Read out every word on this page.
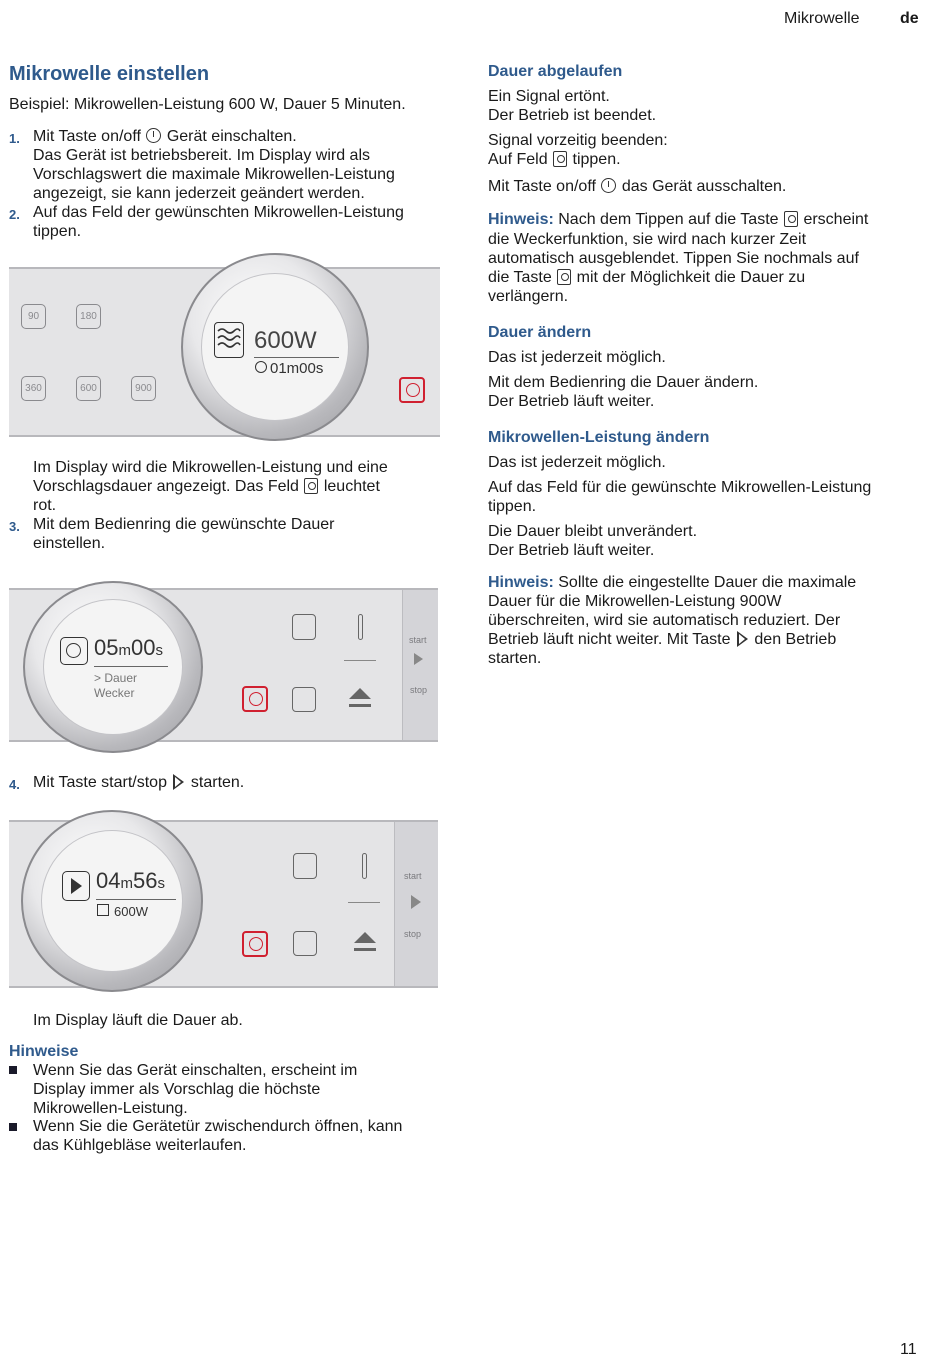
Mikrowelle	de
Mikrowelle einstellen
Beispiel: Mikrowellen-Leistung 600 W, Dauer 5 Minuten.
1. Mit Taste on/off Gerät einschalten.
Das Gerät ist betriebsbereit. Im Display wird als
Vorschlagswert die maximale Mikrowellen-Leistung
angezeigt, sie kann jederzeit geändert werden.
2. Auf das Feld der gewünschten Mikrowellen-Leistung
tippen.
90	180
360	600	900
600W
01m00s
Im Display wird die Mikrowellen-Leistung und eine
Vorschlagsdauer angezeigt. Das Feld leuchtet
rot.
3. Mit dem Bedienring die gewünschte Dauer
einstellen.
05m00s
> Dauer
Wecker
start
stop
4. Mit Taste start/stop starten.
04m56s
600W
start
stop
Im Display läuft die Dauer ab.
Hinweise
Wenn Sie das Gerät einschalten, erscheint im
Display immer als Vorschlag die höchste
Mikrowellen-Leistung.
Wenn Sie die Gerätetür zwischendurch öffnen, kann
das Kühlgebläse weiterlaufen.
Dauer abgelaufen
Ein Signal ertönt.
Der Betrieb ist beendet.
Signal vorzeitig beenden:
Auf Feld tippen.
Mit Taste on/off das Gerät ausschalten.
Hinweis: Nach dem Tippen auf die Taste erscheint
die Weckerfunktion, sie wird nach kurzer Zeit
automatisch ausgeblendet. Tippen Sie nochmals auf
die Taste mit der Möglichkeit die Dauer zu
verlängern.
Dauer ändern
Das ist jederzeit möglich.
Mit dem Bedienring die Dauer ändern.
Der Betrieb läuft weiter.
Mikrowellen-Leistung ändern
Das ist jederzeit möglich.
Auf das Feld für die gewünschte Mikrowellen-Leistung
tippen.
Die Dauer bleibt unverändert.
Der Betrieb läuft weiter.
Hinweis: Sollte die eingestellte Dauer die maximale
Dauer für die Mikrowellen-Leistung 900W
überschreiten, wird sie automatisch reduziert. Der
Betrieb läuft nicht weiter. Mit Taste den Betrieb
starten.
11
